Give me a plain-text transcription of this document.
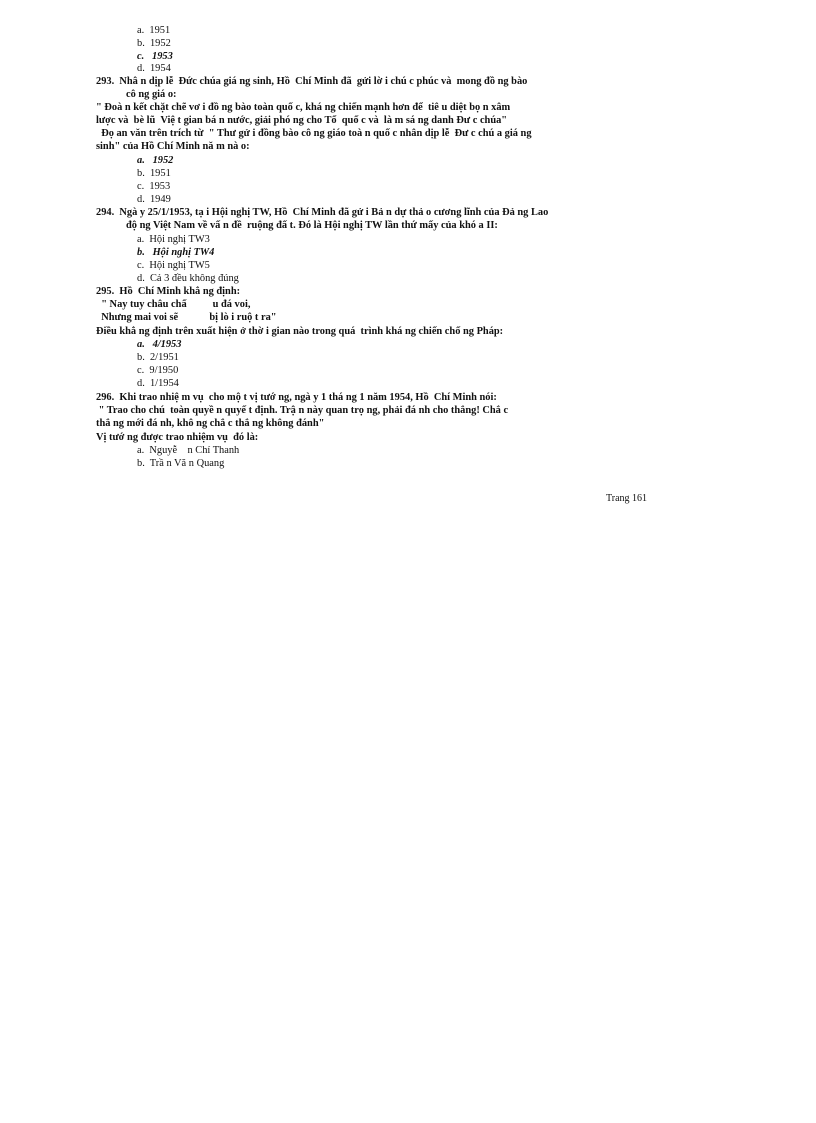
a.  1951
b.  1952
c.   1953
d.  1954
293.  Nhâ n dịp lễ  Đức chúa giá ng sinh, Hồ  Chí Minh đã  gửi lờ i chú c phúc và  mong đồ ng bào
cô ng giá o:
" Đoà n kết chặt chẽ vơ i đồ ng bào toàn quố c, khá ng chiến mạnh hơn để  tiê u diệt bọ n xâm
lược và  bè lũ  Việ t gian bá n nước, giải phó ng cho Tổ  quố c và  là m sá ng danh Đư c chúa"
Đọ an văn trên trích từ  " Thư gử i đồng bào cô ng giáo toà n quố c nhân dịp lễ  Đư c chú a giá ng
sinh" của Hồ Chí Minh nă m nà o:
a.   1952
b.  1951
c.  1953
d.  1949
294.  Ngà y 25/1/1953, tạ i Hội nghị TW, Hồ  Chí Minh đã gử i Bả n dự thả o cương lĩnh của Đả ng Lao
độ ng Việt Nam về vấ n đề  ruộng đấ t. Đó là Hội nghị TW lần thứ mấy của khó a II:
a.  Hội nghị TW3
b.   Hội nghị TW4
c.  Hội nghị TW5
d.  Cả 3 đều không đúng
295.  Hồ  Chí Minh khẳ ng định:
" Nay tuy châu chấ          u đá voi,
Nhưng mai voi sẽ            bị lò i ruộ t ra"
Điều khẳ ng định trên xuất hiện ở thờ i gian nào trong quá  trình khá ng chiến chố ng Pháp:
a.   4/1953
b.  2/1951
c.  9/1950
d.  1/1954
296.  Khi trao nhiệ m vụ  cho mộ t vị tướ ng, ngà y 1 thá ng 1 năm 1954, Hồ  Chí Minh nói:
" Trao cho chú  toàn quyề n quyế t định. Trậ n này quan trọ ng, phải đá nh cho thắng! Chắ c
thắ ng mới đá nh, khô ng chắ c thắ ng không đánh"
Vị tướ ng được trao nhiệm vụ  đó là:
a.  Nguyễ    n Chí Thanh
b.  Trầ n Vă n Quang
Trang 161
